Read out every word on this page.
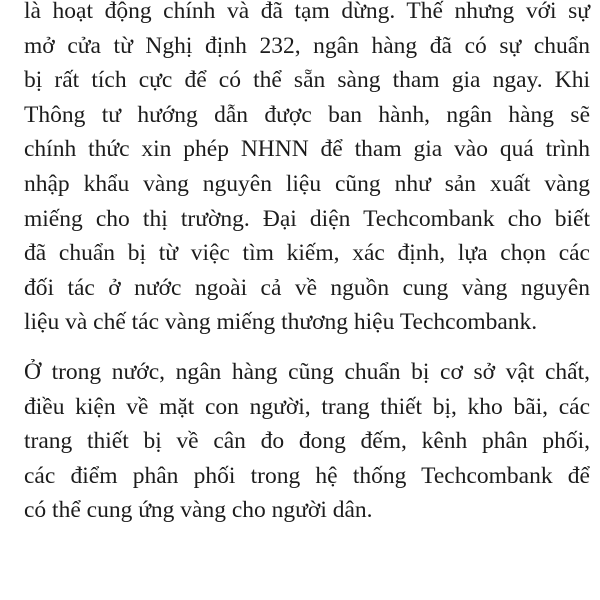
là hoạt động chính và đã tạm dừng. Thế nhưng với sự
mở cửa từ Nghị định 232, ngân hàng đã có sự chuẩn
bị rất tích cực để có thể sẵn sàng tham gia ngay. Khi
Thông tư hướng dẫn được ban hành, ngân hàng sẽ
chính thức xin phép NHNN để tham gia vào quá trình
nhập khẩu vàng nguyên liệu cũng như sản xuất vàng
miếng cho thị trường. Đại diện Techcombank cho biết
đã chuẩn bị từ việc tìm kiếm, xác định, lựa chọn các
đối tác ở nước ngoài cả về nguồn cung vàng nguyên
liệu và chế tác vàng miếng thương hiệu Techcombank.

Ở trong nước, ngân hàng cũng chuẩn bị cơ sở vật chất,
điều kiện về mặt con người, trang thiết bị, kho bãi, các
trang thiết bị về cân đo đong đếm, kênh phân phối,
các điểm phân phối trong hệ thống Techcombank để
có thể cung ứng vàng cho người dân.
